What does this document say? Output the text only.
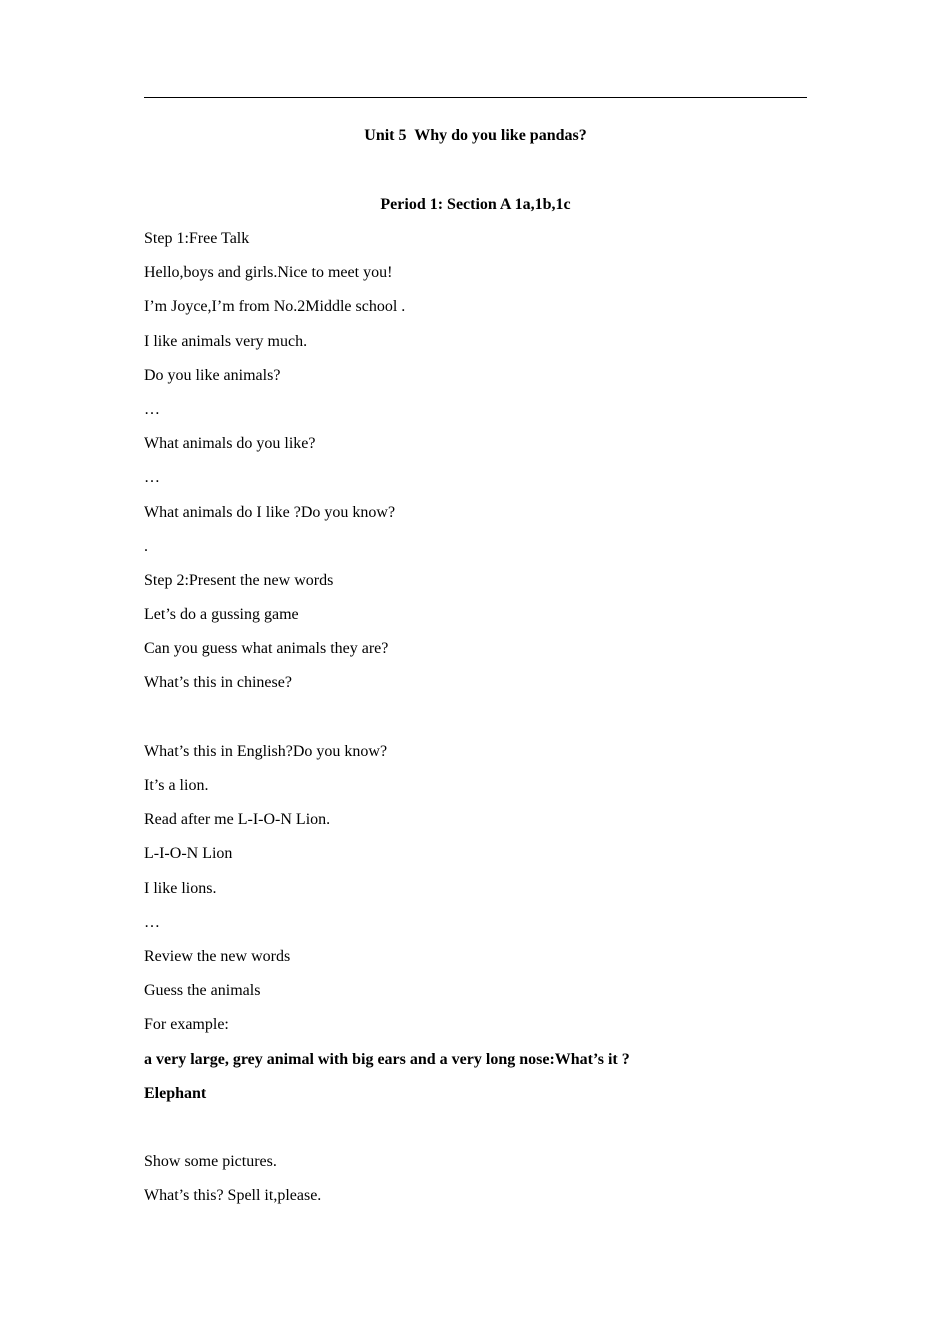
Unit 5  Why do you like pandas?
Period 1: Section A 1a,1b,1c
Step 1:Free Talk
Hello,boys and girls.Nice to meet you!
I’m Joyce,I’m from No.2Middle school .
I like animals very much.
Do you like animals?
…
What animals do you like?
…
What animals do I like ?Do you know?
.
Step 2:Present the new words
Let’s do a gussing game
Can you guess what animals they are?
What’s this in chinese?
What’s this in English?Do you know?
It’s a lion.
Read after me L-I-O-N Lion.
L-I-O-N Lion
I like lions.
…
Review the new words
Guess the animals
For example:
a very large, grey animal with big ears and a very long nose:What’s it ?
Elephant
Show some pictures.
What’s this? Spell it,please.
